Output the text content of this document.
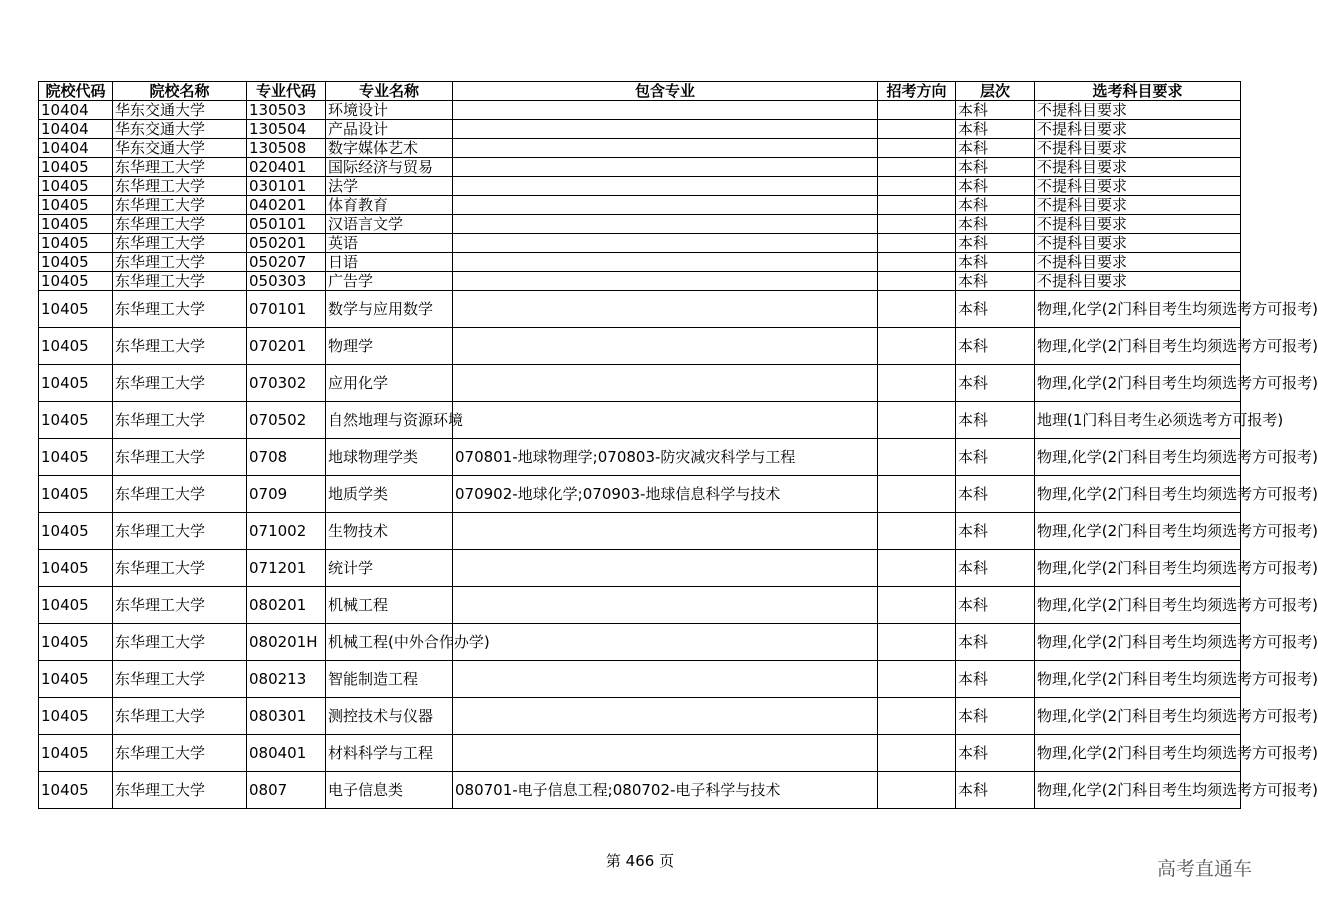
院校代码	院校名称	专业代码	专业名称	包含专业	招考方向	层次	选考科目要求
10404	华东交通大学	130503	环境设计			本科	不提科目要求
10404	华东交通大学	130504	产品设计			本科	不提科目要求
10404	华东交通大学	130508	数字媒体艺术			本科	不提科目要求
10405	东华理工大学	020401	国际经济与贸易			本科	不提科目要求
10405	东华理工大学	030101	法学			本科	不提科目要求
10405	东华理工大学	040201	体育教育			本科	不提科目要求
10405	东华理工大学	050101	汉语言文学			本科	不提科目要求
10405	东华理工大学	050201	英语			本科	不提科目要求
10405	东华理工大学	050207	日语			本科	不提科目要求
10405	东华理工大学	050303	广告学			本科	不提科目要求
10405	东华理工大学	070101	数学与应用数学			本科	物理,化学(2门科目考生均须选考方可报考)
10405	东华理工大学	070201	物理学			本科	物理,化学(2门科目考生均须选考方可报考)
10405	东华理工大学	070302	应用化学			本科	物理,化学(2门科目考生均须选考方可报考)
10405	东华理工大学	070502	自然地理与资源环境			本科	地理(1门科目考生必须选考方可报考)
10405	东华理工大学	0708	地球物理学类	070801-地球物理学;070803-防灾减灾科学与工程		本科	物理,化学(2门科目考生均须选考方可报考)
10405	东华理工大学	0709	地质学类	070902-地球化学;070903-地球信息科学与技术		本科	物理,化学(2门科目考生均须选考方可报考)
10405	东华理工大学	071002	生物技术			本科	物理,化学(2门科目考生均须选考方可报考)
10405	东华理工大学	071201	统计学			本科	物理,化学(2门科目考生均须选考方可报考)
10405	东华理工大学	080201	机械工程			本科	物理,化学(2门科目考生均须选考方可报考)
10405	东华理工大学	080201H	机械工程(中外合作办学)			本科	物理,化学(2门科目考生均须选考方可报考)
10405	东华理工大学	080213	智能制造工程			本科	物理,化学(2门科目考生均须选考方可报考)
10405	东华理工大学	080301	测控技术与仪器			本科	物理,化学(2门科目考生均须选考方可报考)
10405	东华理工大学	080401	材料科学与工程			本科	物理,化学(2门科目考生均须选考方可报考)
10405	东华理工大学	0807	电子信息类	080701-电子信息工程;080702-电子科学与技术		本科	物理,化学(2门科目考生均须选考方可报考)
第 466 页	高考直通车
